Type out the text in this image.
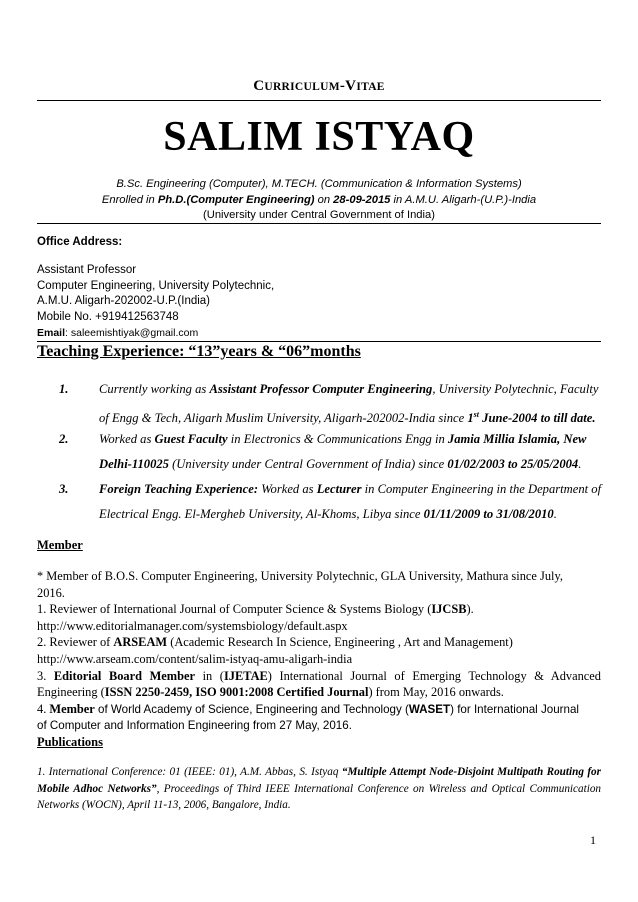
CURRICULUM-VITAE
SALIM ISTYAQ
B.Sc. Engineering (Computer), M.TECH. (Communication & Information Systems)
Enrolled in Ph.D.(Computer Engineering) on 28-09-2015 in A.M.U. Aligarh-(U.P.)-India
(University under Central Government of India)
Office Address:
Assistant Professor
Computer Engineering, University Polytechnic,
A.M.U. Aligarh-202002-U.P.(India)
Mobile No. +919412563748
Email: saleemishtiyak@gmail.com
Teaching Experience: “13”years & “06”months
1. Currently working as Assistant Professor Computer Engineering, University Polytechnic, Faculty
of Engg & Tech, Aligarh Muslim University, Aligarh-202002-India since 1st June-2004 to till date.
2. Worked as Guest Faculty in Electronics & Communications Engg in Jamia Millia Islamia, New
Delhi-110025 (University under Central Government of India) since 01/02/2003 to 25/05/2004.
3. Foreign Teaching Experience: Worked as Lecturer in Computer Engineering in the Department of
Electrical Engg. El-Mergheb University, Al-Khoms, Libya since 01/11/2009 to 31/08/2010.
Member
* Member of B.O.S. Computer Engineering, University Polytechnic, GLA University, Mathura since July,
2016.
1. Reviewer of International Journal of Computer Science & Systems Biology (IJCSB).
http://www.editorialmanager.com/systemsbiology/default.aspx
2. Reviewer of ARSEAM (Academic Research In Science, Engineering , Art and Management)
http://www.arseam.com/content/salim-istyaq-amu-aligarh-india
3. Editorial Board Member in (IJETAE) International Journal of Emerging Technology & Advanced
Engineering (ISSN 2250-2459, ISO 9001:2008 Certified Journal) from May, 2016 onwards.
4. Member of World Academy of Science, Engineering and Technology (WASET) for International Journal
of Computer and Information Engineering from 27 May, 2016.
Publications
1. International Conference: 01 (IEEE: 01), A.M. Abbas, S. Istyaq “Multiple Attempt Node-Disjoint Multipath Routing for Mobile Adhoc Networks”, Proceedings of Third IEEE International Conference on Wireless and Optical Communication Networks (WOCN), April 11-13, 2006, Bangalore, India.
1
